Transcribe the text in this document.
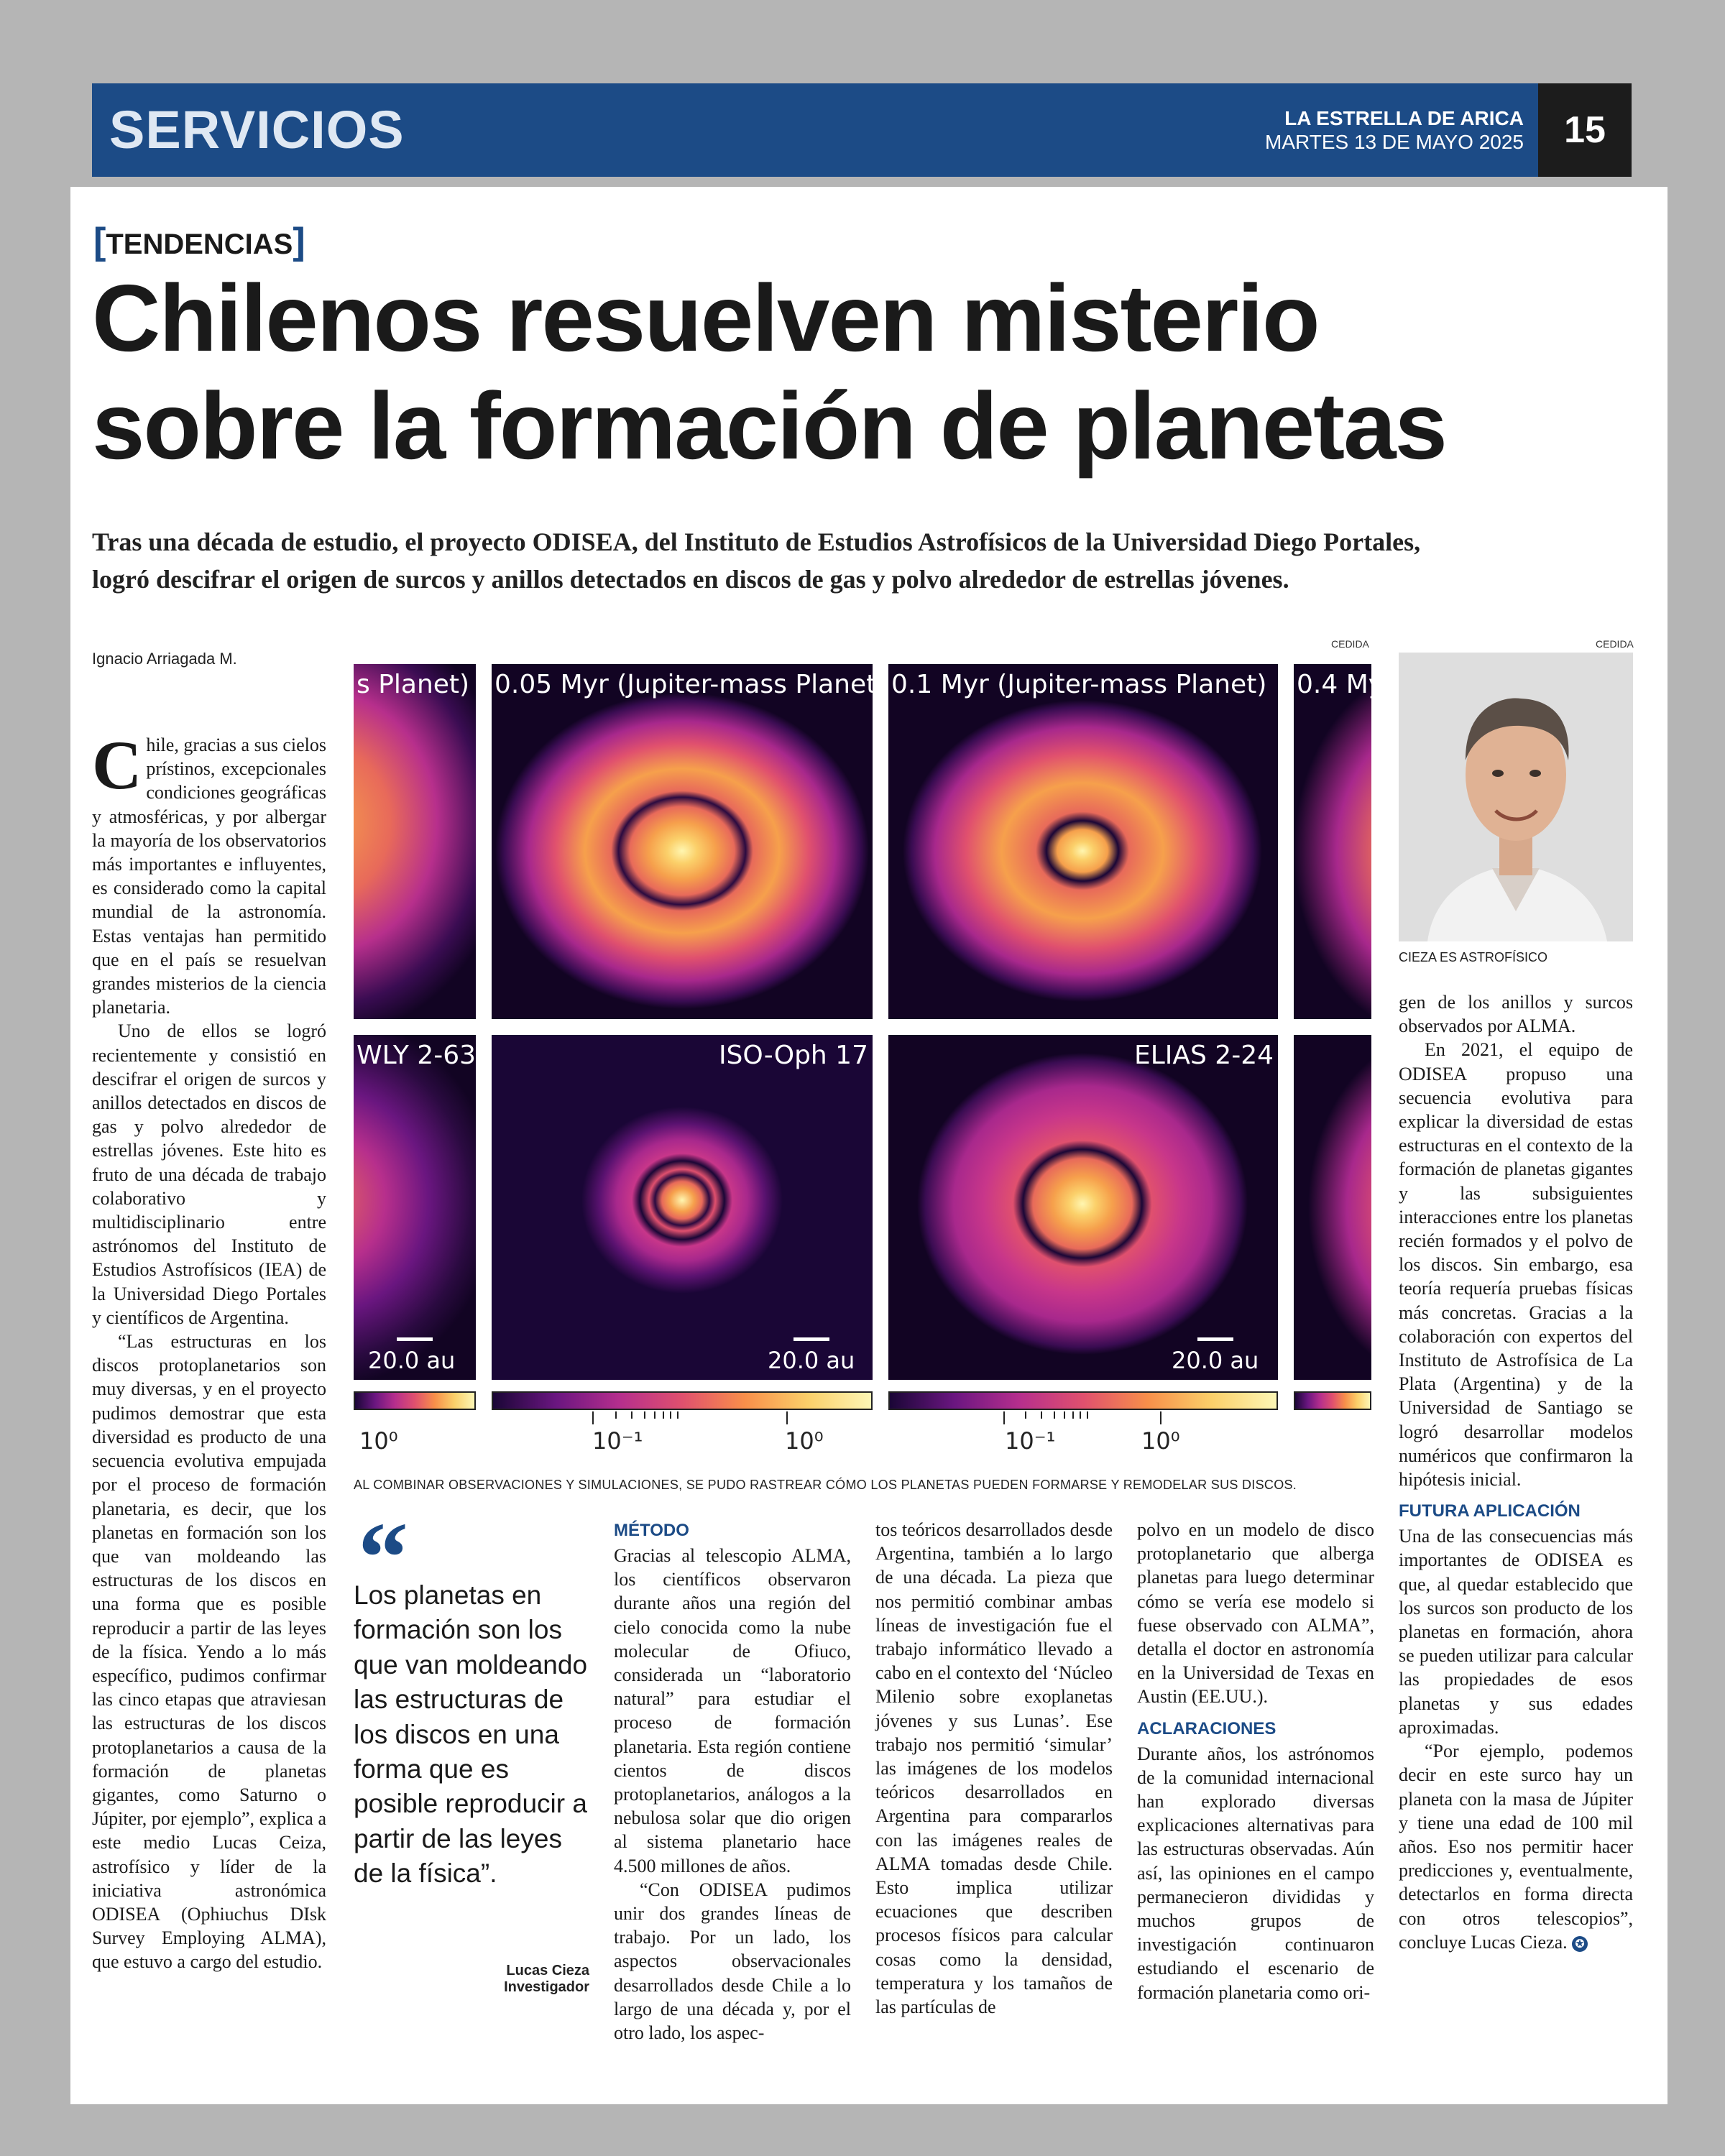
SERVICIOS	LA ESTRELLA DE ARICA
MARTES 13 DE MAYO 2025	15
[TENDENCIAS]
Chilenos resuelven misterio
sobre la formación de planetas
Tras una década de estudio, el proyecto ODISEA, del Instituto de Estudios Astrofísicos de la Universidad Diego Portales,
logró descifrar el origen de surcos y anillos detectados en discos de gas y polvo alrededor de estrellas jóvenes.
Ignacio Arriagada M.
CEDIDA
s Planet) 0.05 Myr (Jupiter-mass Planet) 0.1 Myr (Jupiter-mass Planet) 0.4 My
WLY 2-63
20.0 au
ISO-Oph 17
20.0 au
ELIAS 2-24
20.0 au
10⁰	10⁻¹	10⁰	10⁻¹	10⁰
AL COMBINAR OBSERVACIONES Y SIMULACIONES, SE PUDO RASTREAR CÓMO LOS PLANETAS PUEDEN FORMARSE Y REMODELAR SUS DISCOS.
CEDIDA
CIEZA ES ASTROFÍSICO

Chile, gracias a sus cielos prístinos, excepcionales condiciones geográficas y atmosféricas, y por albergar la mayoría de los observatorios más importantes e influyentes, es considerado como la capital mundial de la astronomía. Estas ventajas han permitido que en el país se resuelvan grandes misterios de la ciencia planetaria.

Uno de ellos se logró recientemente y consistió en descifrar el origen de surcos y anillos detectados en discos de gas y polvo alrededor de estrellas jóvenes. Este hito es fruto de una década de trabajo colaborativo y multidisciplinario entre astrónomos del Instituto de Estudios Astrofísicos (IEA) de la Universidad Diego Portales y científicos de Argentina.

“Las estructuras en los discos protoplanetarios son muy diversas, y en el proyecto pudimos demostrar que esta diversidad es producto de una secuencia evolutiva empujada por el proceso de formación planetaria, es decir, que los planetas en formación son los que van moldeando las estructuras de los discos en una forma que es posible reproducir a partir de las leyes de la física. Yendo a lo más específico, pudimos confirmar las cinco etapas que atraviesan las estructuras de los discos protoplanetarios a causa de la formación de planetas gigantes, como Saturno o Júpiter, por ejemplo”, explica a este medio Lucas Ceiza, astrofísico y líder de la iniciativa astronómica ODISEA (Ophiuchus DIsk Survey Employing ALMA), que estuvo a cargo del estudio.

“
Los planetas en formación son los que van moldeando las estructuras de los discos en una forma que es posible reproducir a partir de las leyes de la física”.
Lucas Cieza
Investigador
MÉTODO

Gracias al telescopio ALMA, los científicos observaron durante años una región del cielo conocida como la nube molecular de Ofiuco, considerada un “laboratorio natural” para estudiar el proceso de formación planetaria. Esta región contiene cientos de discos protoplanetarios, análogos a la nebulosa solar que dio origen al sistema planetario hace 4.500 millones de años.

“Con ODISEA pudimos unir dos grandes líneas de trabajo. Por un lado, los aspectos observacionales desarrollados desde Chile a lo largo de una década y, por el otro lado, los aspec-

tos teóricos desarrollados desde Argentina, también a lo largo de una década. La pieza que nos permitió combinar ambas líneas de investigación fue el trabajo informático llevado a cabo en el contexto del ‘Núcleo Milenio sobre exoplanetas jóvenes y sus Lunas’. Ese trabajo nos permitió ‘simular’ las imágenes de los modelos teóricos desarrollados en Argentina para compararlos con las imágenes reales de ALMA tomadas desde Chile. Esto implica utilizar ecuaciones que describen procesos físicos para calcular cosas como la densidad, temperatura y los tamaños de las partículas de

polvo en un modelo de disco protoplanetario que alberga planetas para luego determinar cómo se vería ese modelo si fuese observado con ALMA”, detalla el doctor en astronomía en la Universidad de Texas en Austin (EE.UU.).

ACLARACIONES

Durante años, los astrónomos de la comunidad internacional han explorado diversas explicaciones alternativas para las estructuras observadas. Aún así, las opiniones en el campo permanecieron divididas y muchos grupos de investigación continuaron estudiando el escenario de formación planetaria como ori-

gen de los anillos y surcos observados por ALMA.

En 2021, el equipo de ODISEA propuso una secuencia evolutiva para explicar la diversidad de estas estructuras en el contexto de la formación de planetas gigantes y las subsiguientes interacciones entre los planetas recién formados y el polvo de los discos. Sin embargo, esa teoría requería pruebas físicas más concretas. Gracias a la colaboración con expertos del Instituto de Astrofísica de La Plata (Argentina) y de la Universidad de Santiago se logró desarrollar modelos numéricos que confirmaron la hipótesis inicial.

FUTURA APLICACIÓN

Una de las consecuencias más importantes de ODISEA es que, al quedar establecido que los surcos son producto de los planetas en formación, ahora se pueden utilizar para calcular las propiedades de esos planetas y sus edades aproximadas.

“Por ejemplo, podemos decir en este surco hay un planeta con la masa de Júpiter y tiene una edad de 100 mil años. Eso nos permitir hacer predicciones y, eventualmente, detectarlos en forma directa con otros telescopios”, concluye Lucas Cieza. ✪
